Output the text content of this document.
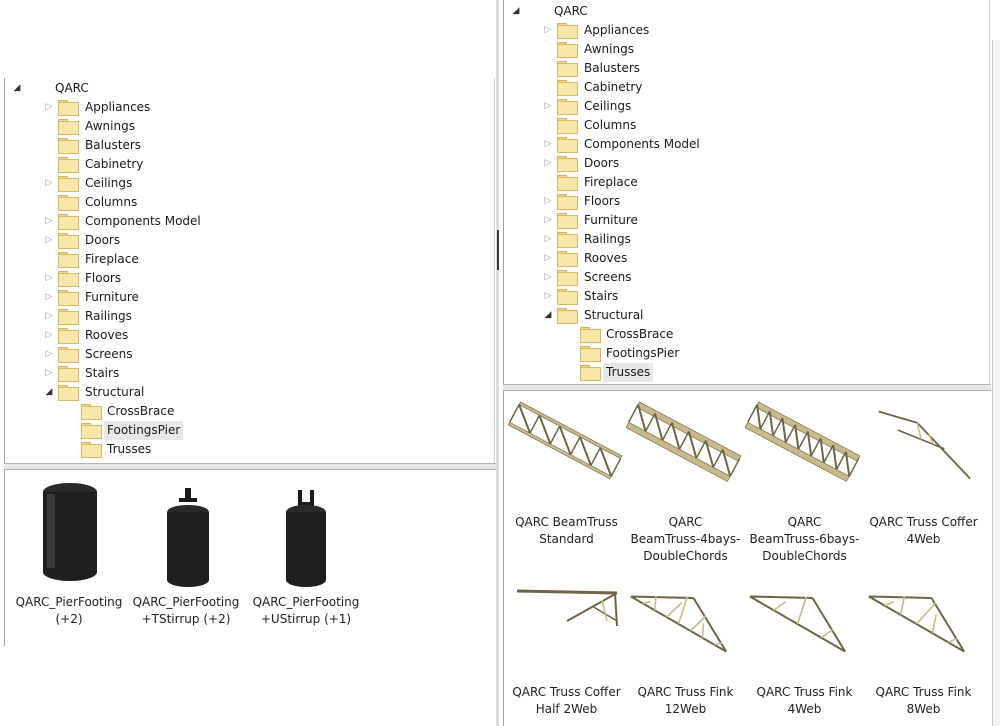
◢	QARC
▷	Appliances
Awnings
Balusters
Cabinetry
▷	Ceilings
Columns
▷	Components Model
▷	Doors
Fireplace
▷	Floors
▷	Furniture
▷	Railings
▷	Rooves
▷	Screens
▷	Stairs
◢	Structural
CrossBrace
FootingsPier
Trusses
QARC_PierFooting
(+2)
QARC_PierFooting
+TStirrup (+2)
QARC_PierFooting
+UStirrup (+1)
◢	QARC
▷	Appliances
Awnings
Balusters
Cabinetry
▷	Ceilings
Columns
▷	Components Model
▷	Doors
Fireplace
▷	Floors
▷	Furniture
▷	Railings
▷	Rooves
▷	Screens
▷	Stairs
◢	Structural
CrossBrace
FootingsPier
Trusses
QARC BeamTruss
Standard
QARC
BeamTruss-4bays-
DoubleChords
QARC
BeamTruss-6bays-
DoubleChords
QARC Truss Coffer
4Web
QARC Truss Coffer
Half 2Web
QARC Truss Fink
12Web
QARC Truss Fink
4Web
QARC Truss Fink
8Web
